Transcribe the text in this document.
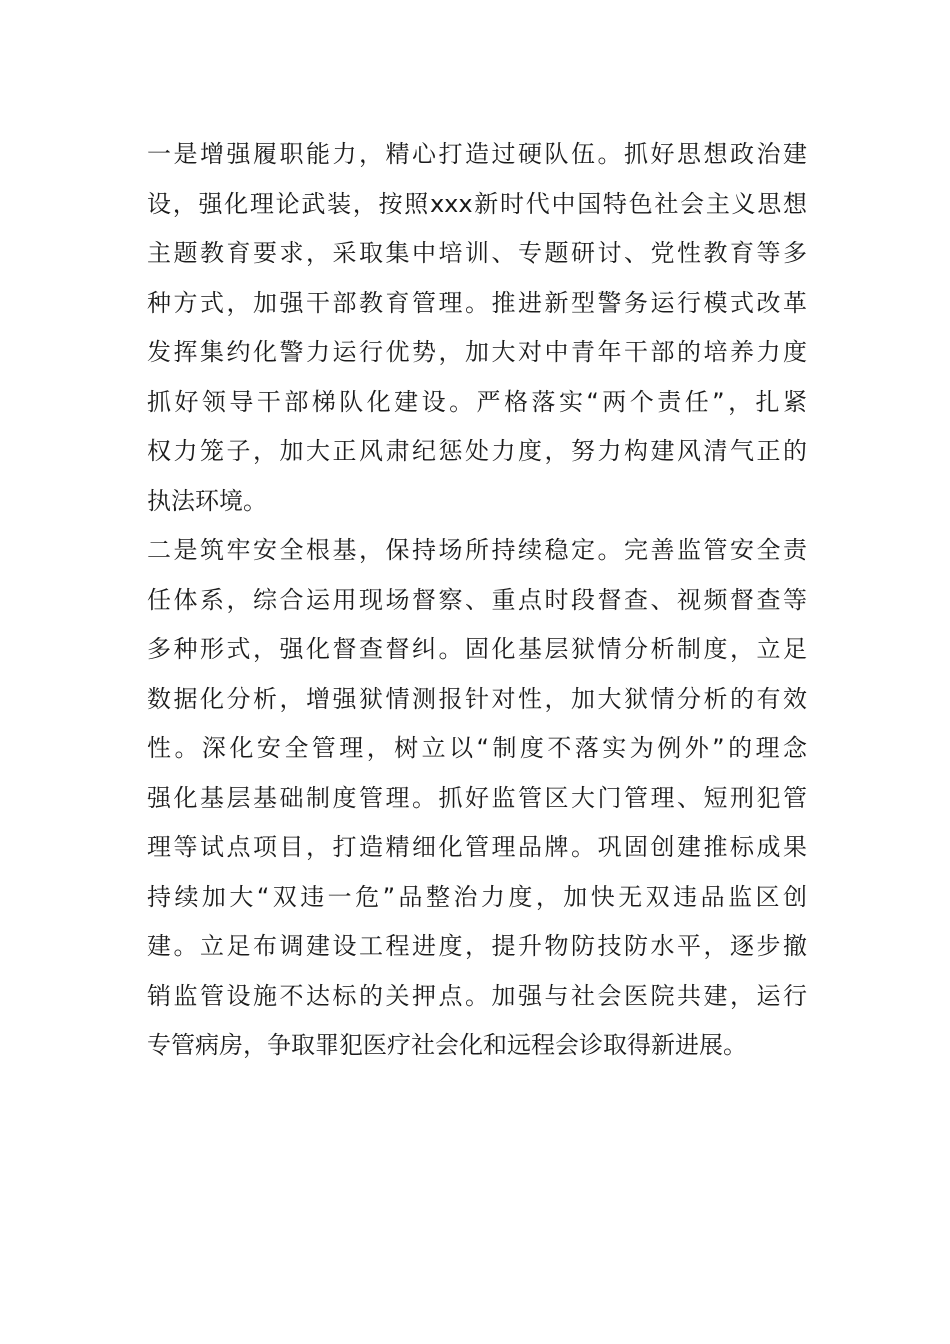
一是增强履职能力，精心打造过硬队伍。抓好思想政治建
设，强化理论武装，按照xxx新时代中国特色社会主义思想
主题教育要求，采取集中培训、专题研讨、党性教育等多
种方式，加强干部教育管理。推进新型警务运行模式改革
发挥集约化警力运行优势，加大对中青年干部的培养力度
抓好领导干部梯队化建设。严格落实“两个责任”，扎紧
权力笼子，加大正风肃纪惩处力度，努力构建风清气正的
执法环境。
二是筑牢安全根基，保持场所持续稳定。完善监管安全责
任体系，综合运用现场督察、重点时段督查、视频督查等
多种形式，强化督查督纠。固化基层狱情分析制度，立足
数据化分析，增强狱情测报针对性，加大狱情分析的有效
性。深化安全管理，树立以“制度不落实为例外”的理念
强化基层基础制度管理。抓好监管区大门管理、短刑犯管
理等试点项目，打造精细化管理品牌。巩固创建推标成果
持续加大“双违一危”品整治力度，加快无双违品监区创
建。立足布调建设工程进度，提升物防技防水平，逐步撤
销监管设施不达标的关押点。加强与社会医院共建，运行
专管病房，争取罪犯医疗社会化和远程会诊取得新进展。
